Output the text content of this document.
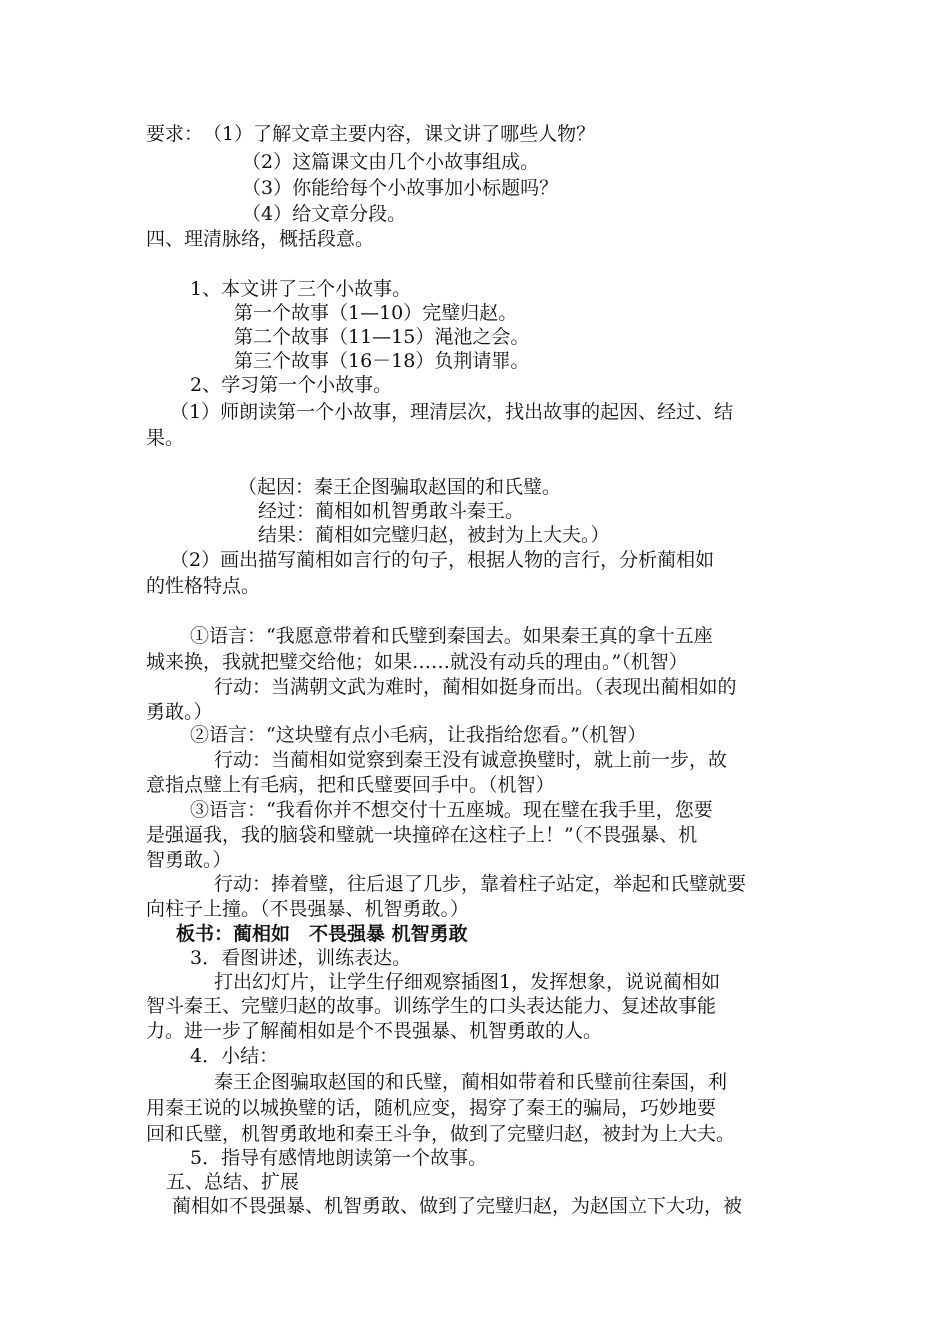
要求：　（1）了解文章主要内容，课文讲了哪些人物？
（2）这篇课文由几个小故事组成。
（3）你能给每个小故事加小标题吗？
（4）给文章分段。
四、理清脉络，概括段意。
1、本文讲了三个小故事。
第一个故事（1—10）完璧归赵。
第二个故事（11—15）渑池之会。
第三个故事（16－18）负荆请罪。
2、学习第一个小故事。
（1）师朗读第一个小故事，理清层次，找出故事的起因、经过、结
果。
（起因：秦王企图骗取赵国的和氏璧。
经过：蔺相如机智勇敢斗秦王。
结果：蔺相如完璧归赵，被封为上大夫。）
（2）画出描写蔺相如言行的句子，根据人物的言行，分析蔺相如
的性格特点。
①语言：“我愿意带着和氏璧到秦国去。如果秦王真的拿十五座
城来换，我就把璧交给他；如果……就没有动兵的理由。”（机智）
行动：当满朝文武为难时，蔺相如挺身而出。（表现出蔺相如的
勇敢。）
②语言：“这块璧有点小毛病，让我指给您看。”（机智）
行动：当蔺相如觉察到秦王没有诚意换璧时，就上前一步，故
意指点璧上有毛病，把和氏璧要回手中。（机智）
③语言：“我看你并不想交付十五座城。现在璧在我手里，您要
是强逼我，我的脑袋和璧就一块撞碎在这柱子上！”（不畏强暴、机
智勇敢。）
行动：捧着璧，往后退了几步，靠着柱子站定，举起和氏璧就要
向柱子上撞。（不畏强暴、机智勇敢。）
板书：蔺相如　不畏强暴 机智勇敢
3．看图讲述，训练表达。
打出幻灯片，让学生仔细观察插图1，发挥想象，说说蔺相如
智斗秦王、完璧归赵的故事。训练学生的口头表达能力、复述故事能
力。进一步了解蔺相如是个不畏强暴、机智勇敢的人。
4．小结：
秦王企图骗取赵国的和氏璧，蔺相如带着和氏璧前往秦国，利
用秦王说的以城换璧的话，随机应变，揭穿了秦王的骗局，巧妙地要
回和氏璧，机智勇敢地和秦王斗争，做到了完璧归赵，被封为上大夫。
5．指导有感情地朗读第一个故事。
五、总结、扩展
蔺相如不畏强暴、机智勇敢、做到了完璧归赵，为赵国立下大功，被
